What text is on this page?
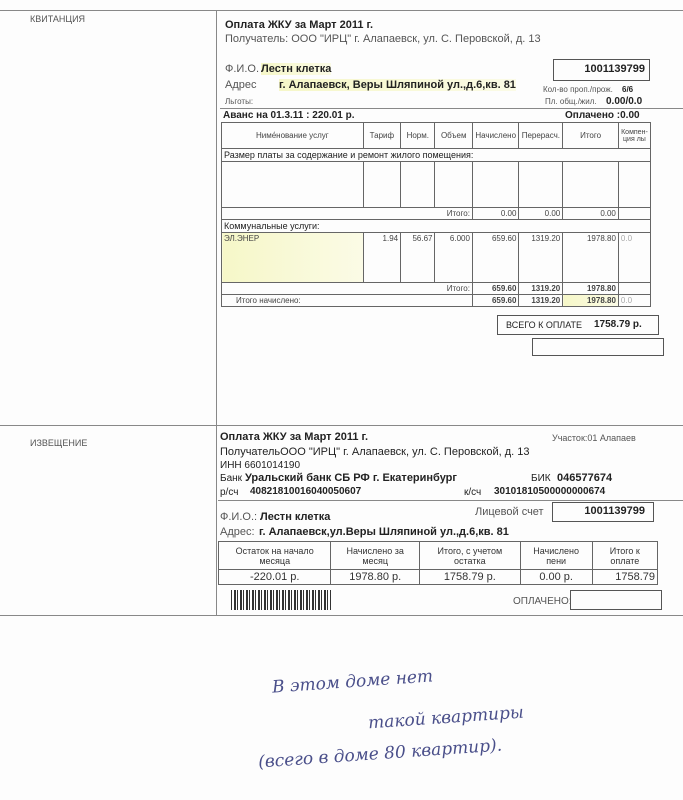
КВИТАНЦИЯ	Оплата ЖКУ за Март 2011 г.
Получатель: ООО "ИРЦ" г. Алапаевск, ул. С. Перовской, д. 13
Ф.И.О. Лестн клетка
Адрес г. Алапаевск, Веры Шляпиной ул.,д.6,кв. 81
Льготы:
1001139799
Кол-во проп./прож. 6/6
Пл. общ./жил. 0.00/0.0
Аванс на 01.3.11 : 220.01 р.	Оплачено :0.00
Ниме́нование услуг	Тариф	Норм.	Объем	Начислено	Перерасч.	Итого	Компен-ция лы
Размер платы за содержание и ремонт жилого помещения:							

Итого:				0.00	0.00	0.00	
Коммунальные услуги:							
ЭЛ.ЭНЕР	1.94	56.67	6.000	659.60	1319.20	1978.80	0.0
Итого:				659.60	1319.20	1978.80	
Итого начислено:				659.60	1319.20	1978.80	0.0
ВСЕГО К ОПЛАТЕ 1758.79 р.
ИЗВЕЩЕНИЕ	Оплата ЖКУ за Март 2011 г.	Участок:01 Алапаев
ПолучательООО "ИРЦ" г. Алапаевск, ул. С. Перовской, д. 13
ИНН 6601014190
Банк Уральский банк СБ РФ г. Екатеринбург	БИК 046577674
р/сч 40821810016040050607	к/сч 30101810500000000674
Ф.И.О.: Лестн клетка	Лицевой счет	1001139799
Адрес: г. Алапаевск,ул.Веры Шляпиной ул.,д.6,кв. 81
Остаток на начало месяца	Начислено за месяц	Итого, с учетом остатка	Начислено пени	Итого к оплате
-220.01 р.	1978.80 р.	1758.79 р.	0.00 р.	1758.79
ОПЛАЧЕНО:
В этом доме нет
такой квартиры
(всего в доме 80 квартир).
